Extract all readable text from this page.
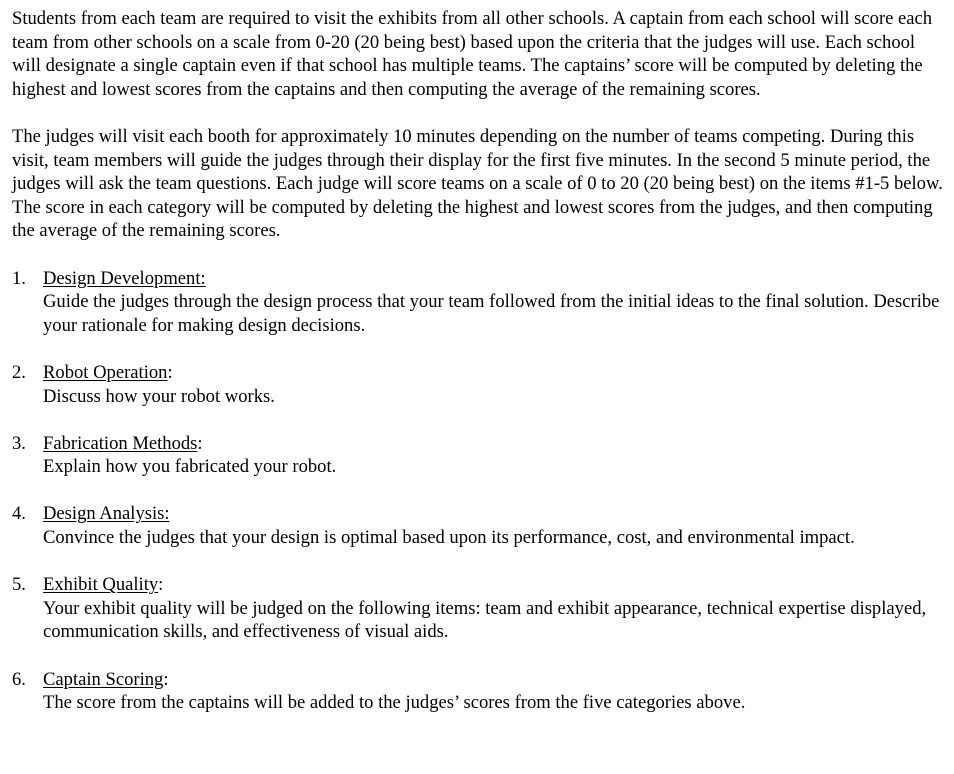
Students from each team are required to visit the exhibits from all other schools. A captain from each school will score each team from other schools on a scale from 0-20 (20 being best) based upon the criteria that the judges will use. Each school will designate a single captain even if that school has multiple teams. The captains’ score will be computed by deleting the highest and lowest scores from the captains and then computing the average of the remaining scores.

The judges will visit each booth for approximately 10 minutes depending on the number of teams competing. During this visit, team members will guide the judges through their display for the first five minutes. In the second 5 minute period, the judges will ask the team questions. Each judge will score teams on a scale of 0 to 20 (20 being best) on the items #1-5 below. The score in each category will be computed by deleting the highest and lowest scores from the judges, and then computing the average of the remaining scores.

1. Design Development:
Guide the judges through the design process that your team followed from the initial ideas to the final solution. Describe your rationale for making design decisions.
2. Robot Operation:
Discuss how your robot works.
3. Fabrication Methods:
Explain how you fabricated your robot.
4. Design Analysis:
Convince the judges that your design is optimal based upon its performance, cost, and environmental impact.
5. Exhibit Quality:
Your exhibit quality will be judged on the following items: team and exhibit appearance, technical expertise displayed, communication skills, and effectiveness of visual aids.
6. Captain Scoring:
The score from the captains will be added to the judges’ scores from the five categories above.
